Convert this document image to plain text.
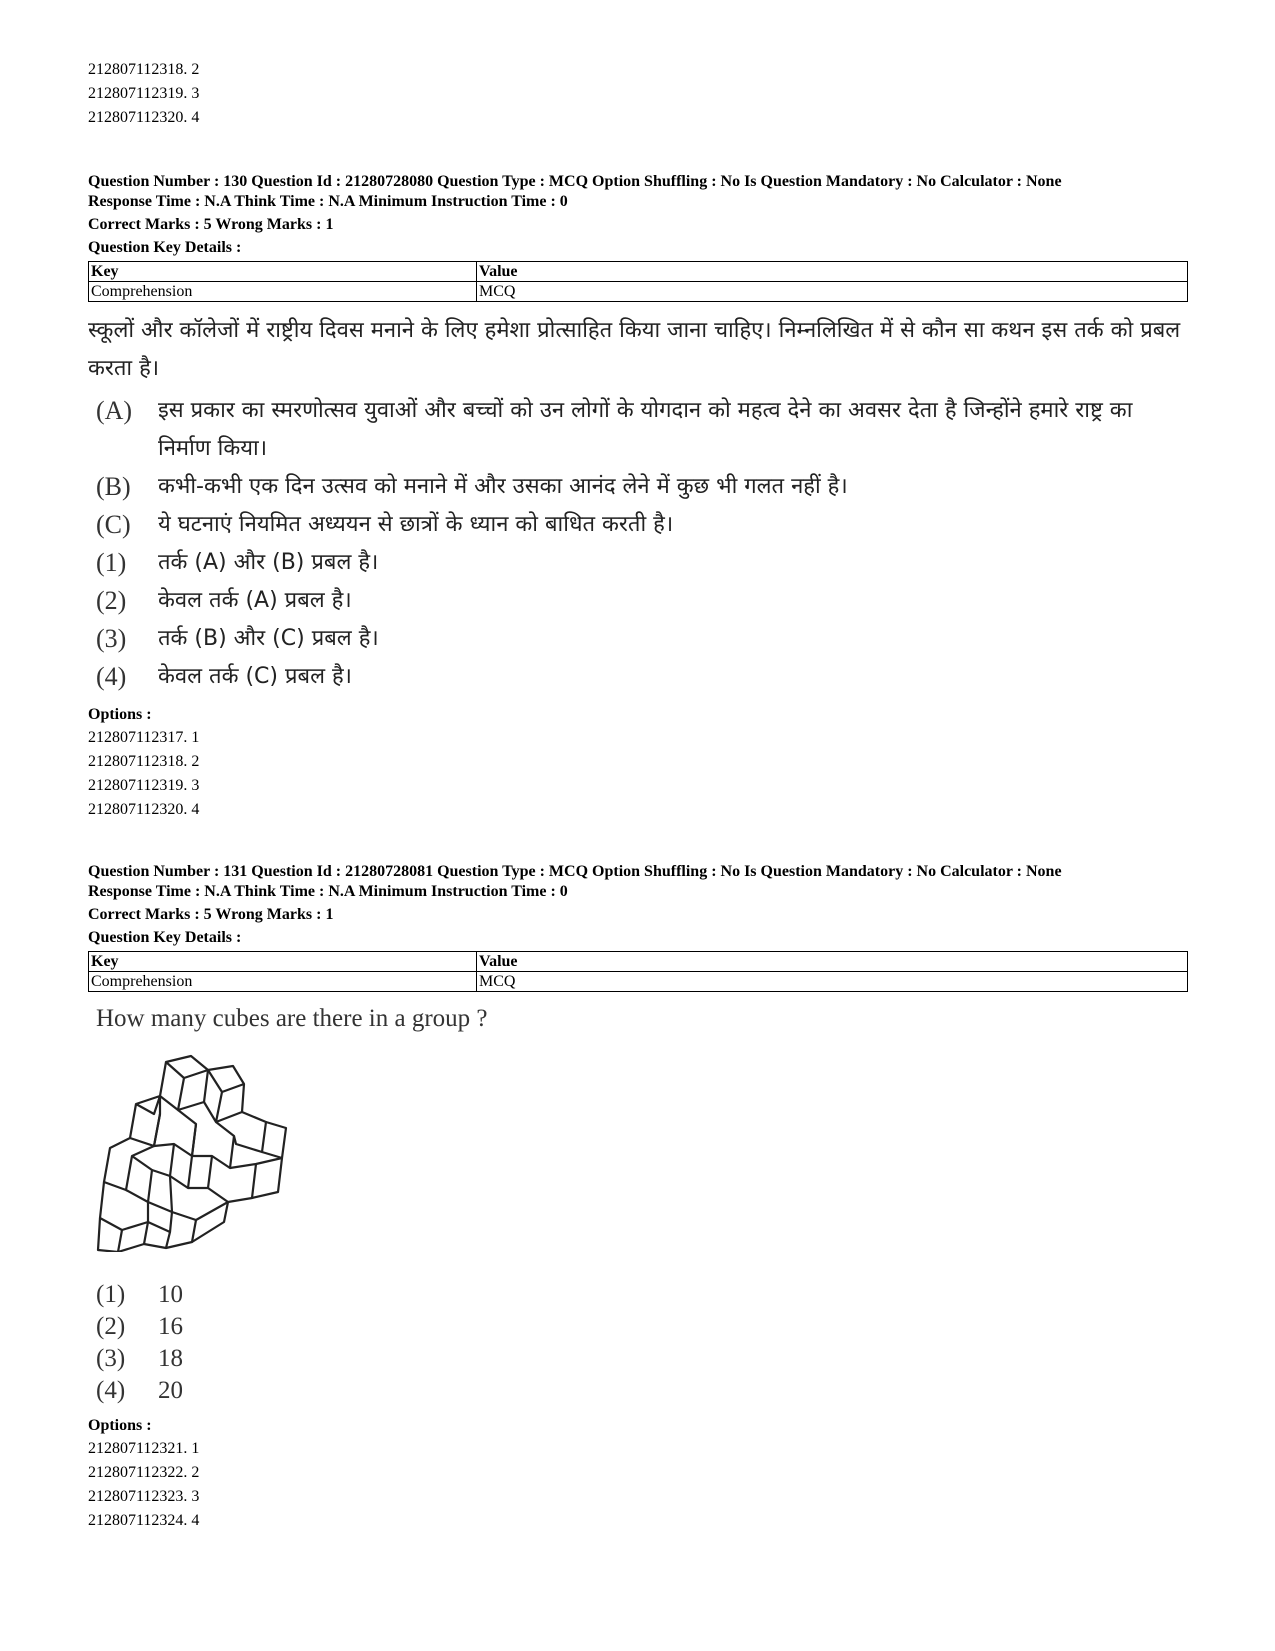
212807112318. 2
212807112319. 3
212807112320. 4
Question Number : 130 Question Id : 21280728080 Question Type : MCQ Option Shuffling : No Is Question Mandatory : No Calculator : None
Response Time : N.A Think Time : N.A Minimum Instruction Time : 0
Correct Marks : 5 Wrong Marks : 1
Question Key Details :
Key	Value
Comprehension	MCQ
स्कूलों और कॉलेजों में राष्ट्रीय दिवस मनाने के लिए हमेशा प्रोत्साहित किया जाना चाहिए। निम्नलिखित में से कौन सा कथन इस तर्क को प्रबल करता है।
(A)	इस प्रकार का स्मरणोत्सव युवाओं और बच्चों को उन लोगों के योगदान को महत्व देने का अवसर देता है जिन्होंने हमारे राष्ट्र का निर्माण किया।
(B)	कभी-कभी एक दिन उत्सव को मनाने में और उसका आनंद लेने में कुछ भी गलत नहीं है।
(C)	ये घटनाएं नियमित अध्ययन से छात्रों के ध्यान को बाधित करती है।
(1)	तर्क (A) और (B) प्रबल है।
(2)	केवल तर्क (A) प्रबल है।
(3)	तर्क (B) और (C) प्रबल है।
(4)	केवल तर्क (C) प्रबल है।
Options :
212807112317. 1
212807112318. 2
212807112319. 3
212807112320. 4
Question Number : 131 Question Id : 21280728081 Question Type : MCQ Option Shuffling : No Is Question Mandatory : No Calculator : None
Response Time : N.A Think Time : N.A Minimum Instruction Time : 0
Correct Marks : 5 Wrong Marks : 1
Question Key Details :
Key	Value
Comprehension	MCQ
How many cubes are there in a group ?
(1)	10
(2)	16
(3)	18
(4)	20
Options :
212807112321. 1
212807112322. 2
212807112323. 3
212807112324. 4
